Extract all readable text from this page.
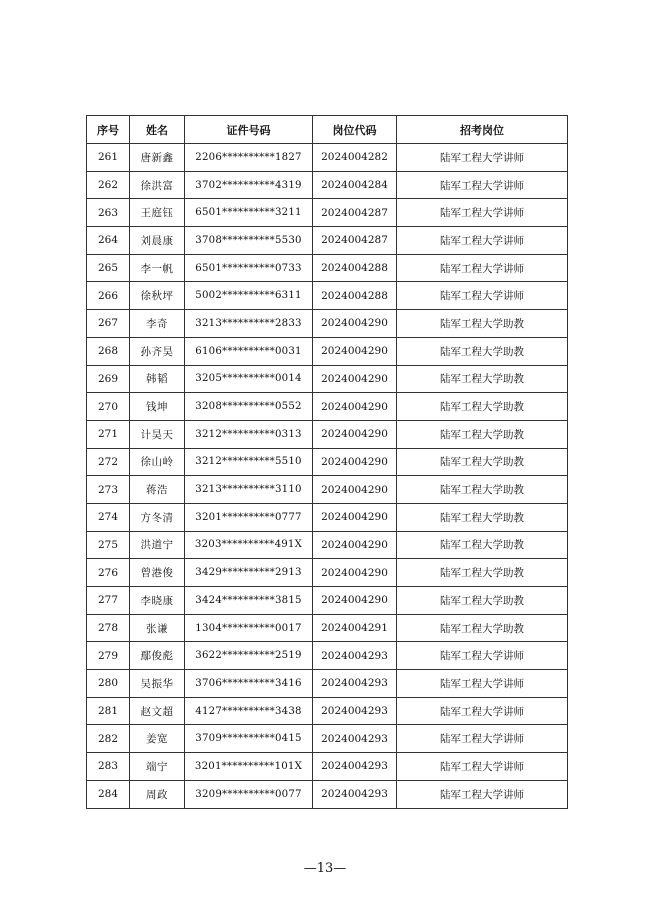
序号	姓名	证件号码	岗位代码	招考岗位
261	唐新鑫	2206**********1827	2024004282	陆军工程大学讲师
262	徐洪富	3702**********4319	2024004284	陆军工程大学讲师
263	王庭钰	6501**********3211	2024004287	陆军工程大学讲师
264	刘晨康	3708**********5530	2024004287	陆军工程大学讲师
265	李一帆	6501**********0733	2024004288	陆军工程大学讲师
266	徐秋坪	5002**********6311	2024004288	陆军工程大学讲师
267	李奇	3213**********2833	2024004290	陆军工程大学助教
268	孙齐昊	6106**********0031	2024004290	陆军工程大学助教
269	韩韬	3205**********0014	2024004290	陆军工程大学助教
270	钱坤	3208**********0552	2024004290	陆军工程大学助教
271	计昊天	3212**********0313	2024004290	陆军工程大学助教
272	徐山岭	3212**********5510	2024004290	陆军工程大学助教
273	蒋浩	3213**********3110	2024004290	陆军工程大学助教
274	方冬清	3201**********0777	2024004290	陆军工程大学助教
275	洪道宁	3203**********491X	2024004290	陆军工程大学助教
276	曾港俊	3429**********2913	2024004290	陆军工程大学助教
277	李晓康	3424**********3815	2024004290	陆军工程大学助教
278	张谦	1304**********0017	2024004291	陆军工程大学助教
279	鄢俊彪	3622**********2519	2024004293	陆军工程大学讲师
280	吴振华	3706**********3416	2024004293	陆军工程大学讲师
281	赵文超	4127**********3438	2024004293	陆军工程大学讲师
282	姜宽	3709**********0415	2024004293	陆军工程大学讲师
283	端宁	3201**********101X	2024004293	陆军工程大学讲师
284	周政	3209**********0077	2024004293	陆军工程大学讲师
—13—
